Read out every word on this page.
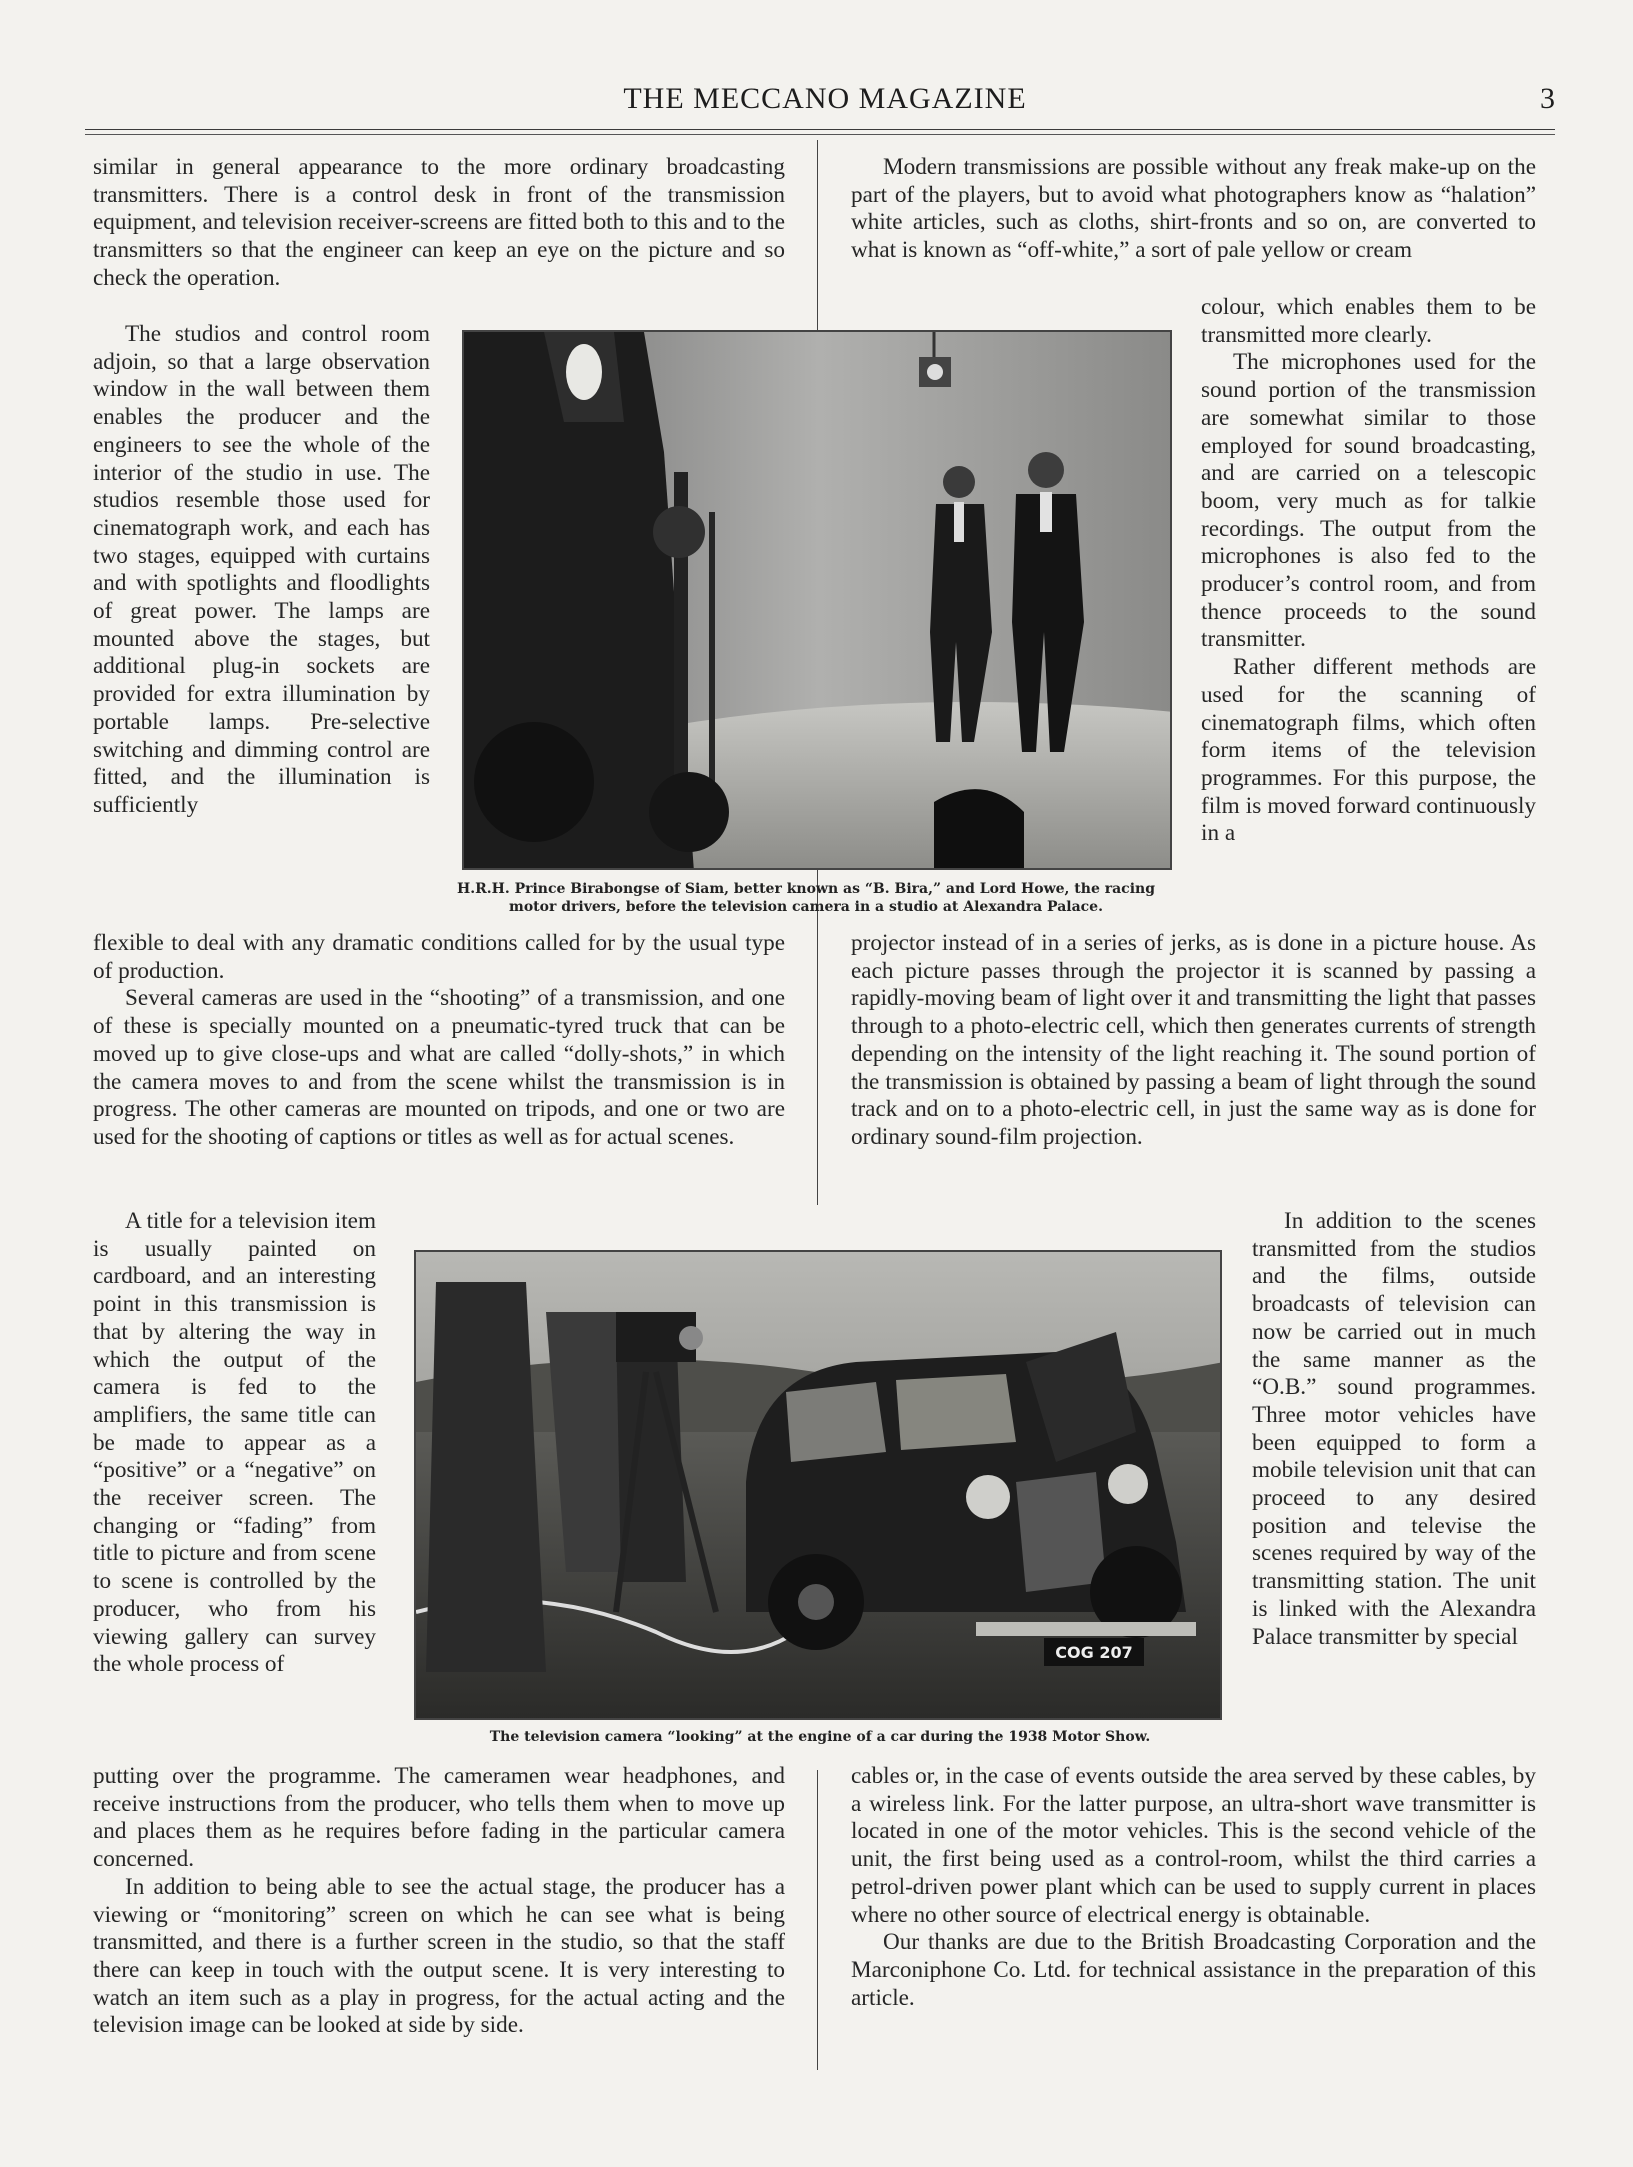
THE MECCANO MAGAZINE	3

similar in general appearance to the more ordinary broadcasting transmitters. There is a control desk in front of the transmission equipment, and television receiver-screens are fitted both to this and to the transmitters so that the engineer can keep an eye on the picture and so check the operation.

The studios and control room adjoin, so that a large observation window in the wall between them enables the producer and the engineers to see the whole of the interior of the studio in use. The studios resemble those used for cinematograph work, and each has two stages, equipped with curtains and with spotlights and floodlights of great power. The lamps are mounted above the stages, but additional plug-in sockets are provided for extra illumination by portable lamps. Pre-selective switching and dimming control are fitted, and the illumination is sufficiently

flexible to deal with any dramatic conditions called for by the usual type of production.

Several cameras are used in the “shooting” of a transmission, and one of these is specially mounted on a pneumatic-tyred truck that can be moved up to give close-ups and what are called “dolly-shots,” in which the camera moves to and from the scene whilst the transmission is in progress. The other cameras are mounted on tripods, and one or two are used for the shooting of captions or titles as well as for actual scenes.

A title for a television item is usually painted on cardboard, and an interesting point in this transmission is that by altering the way in which the output of the camera is fed to the amplifiers, the same title can be made to appear as a “positive” or a “negative” on the receiver screen. The changing or “fading” from title to picture and from scene to scene is controlled by the producer, who from his viewing gallery can survey the whole process of

putting over the programme. The cameramen wear headphones, and receive instructions from the producer, who tells them when to move up and places them as he requires before fading in the particular camera concerned.

In addition to being able to see the actual stage, the producer has a viewing or “monitoring” screen on which he can see what is being transmitted, and there is a further screen in the studio, so that the staff there can keep in touch with the output scene. It is very interesting to watch an item such as a play in progress, for the actual acting and the television image can be looked at side by side.

Modern transmissions are possible without any freak make-up on the part of the players, but to avoid what photographers know as “halation” white articles, such as cloths, shirt-fronts and so on, are converted to what is known as “off-white,” a sort of pale yellow or cream

colour, which enables them to be transmitted more clearly.

The microphones used for the sound portion of the transmission are somewhat similar to those employed for sound broadcasting, and are carried on a telescopic boom, very much as for talkie recordings. The output from the microphones is also fed to the producer’s control room, and from thence proceeds to the sound transmitter.

Rather different methods are used for the scanning of cinematograph films, which often form items of the television programmes. For this purpose, the film is moved forward continuously in a

projector instead of in a series of jerks, as is done in a picture house. As each picture passes through the projector it is scanned by passing a rapidly-moving beam of light over it and transmitting the light that passes through to a photo-electric cell, which then generates currents of strength depending on the intensity of the light reaching it. The sound portion of the transmission is obtained by passing a beam of light through the sound track and on to a photo-electric cell, in just the same way as is done for ordinary sound-film projection.

In addition to the scenes transmitted from the studios and the films, outside broadcasts of television can now be carried out in much the same manner as the “O.B.” sound programmes. Three motor vehicles have been equipped to form a mobile television unit that can proceed to any desired position and televise the scenes required by way of the transmitting station. The unit is linked with the Alexandra Palace transmitter by special

cables or, in the case of events outside the area served by these cables, by a wireless link. For the latter purpose, an ultra-short wave transmitter is located in one of the motor vehicles. This is the second vehicle of the unit, the first being used as a control-room, whilst the third carries a petrol-driven power plant which can be used to supply current in places where no other source of electrical energy is obtainable.

Our thanks are due to the British Broadcasting Corporation and the Marconiphone Co. Ltd. for technical assistance in the preparation of this article.

H.R.H. Prince Birabongse of Siam, better known as “B. Bira,” and Lord Howe, the racing motor drivers, before the television camera in a studio at Alexandra Palace.
COG 207
The television camera “looking” at the engine of a car during the 1938 Motor Show.
